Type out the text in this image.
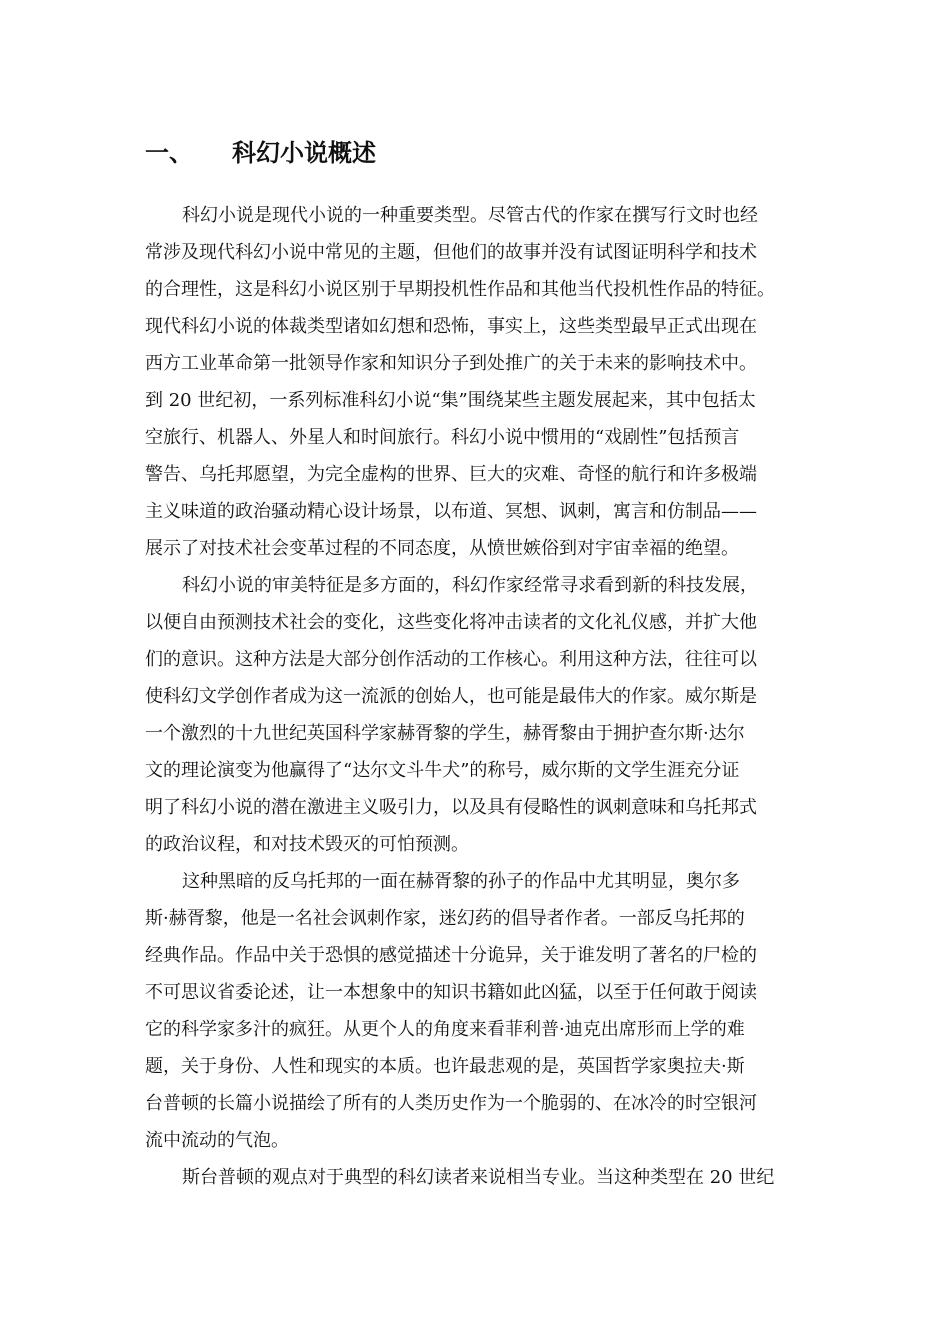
一、 科幻小说概述
科幻小说是现代小说的一种重要类型。尽管古代的作家在撰写行文时也经
常涉及现代科幻小说中常见的主题，但他们的故事并没有试图证明科学和技术
的合理性，这是科幻小说区别于早期投机性作品和其他当代投机性作品的特征。
现代科幻小说的体裁类型诸如幻想和恐怖，事实上，这些类型最早正式出现在
西方工业革命第一批领导作家和知识分子到处推广的关于未来的影响技术中。
到 20 世纪初，一系列标准科幻小说“集”围绕某些主题发展起来，其中包括太
空旅行、机器人、外星人和时间旅行。科幻小说中惯用的“戏剧性”包括预言
警告、乌托邦愿望，为完全虚构的世界、巨大的灾难、奇怪的航行和许多极端
主义味道的政治骚动精心设计场景，以布道、冥想、讽刺，寓言和仿制品——
展示了对技术社会变革过程的不同态度，从愤世嫉俗到对宇宙幸福的绝望。
科幻小说的审美特征是多方面的，科幻作家经常寻求看到新的科技发展，
以便自由预测技术社会的变化，这些变化将冲击读者的文化礼仪感，并扩大他
们的意识。这种方法是大部分创作活动的工作核心。利用这种方法，往往可以
使科幻文学创作者成为这一流派的创始人，也可能是最伟大的作家。威尔斯是
一个激烈的十九世纪英国科学家赫胥黎的学生，赫胥黎由于拥护查尔斯·达尔
文的理论演变为他赢得了“达尔文斗牛犬”的称号，威尔斯的文学生涯充分证
明了科幻小说的潜在激进主义吸引力，以及具有侵略性的讽刺意味和乌托邦式
的政治议程，和对技术毁灭的可怕预测。
这种黑暗的反乌托邦的一面在赫胥黎的孙子的作品中尤其明显，奥尔多
斯·赫胥黎，他是一名社会讽刺作家，迷幻药的倡导者作者。一部反乌托邦的
经典作品。作品中关于恐惧的感觉描述十分诡异，关于谁发明了著名的尸检的
不可思议省委论述，让一本想象中的知识书籍如此凶猛，以至于任何敢于阅读
它的科学家多汁的疯狂。从更个人的角度来看菲利普·迪克出席形而上学的难
题，关于身份、人性和现实的本质。也许最悲观的是，英国哲学家奥拉夫·斯
台普顿的长篇小说描绘了所有的人类历史作为一个脆弱的、在冰冷的时空银河
流中流动的气泡。
斯台普顿的观点对于典型的科幻读者来说相当专业。当这种类型在 20 世纪
